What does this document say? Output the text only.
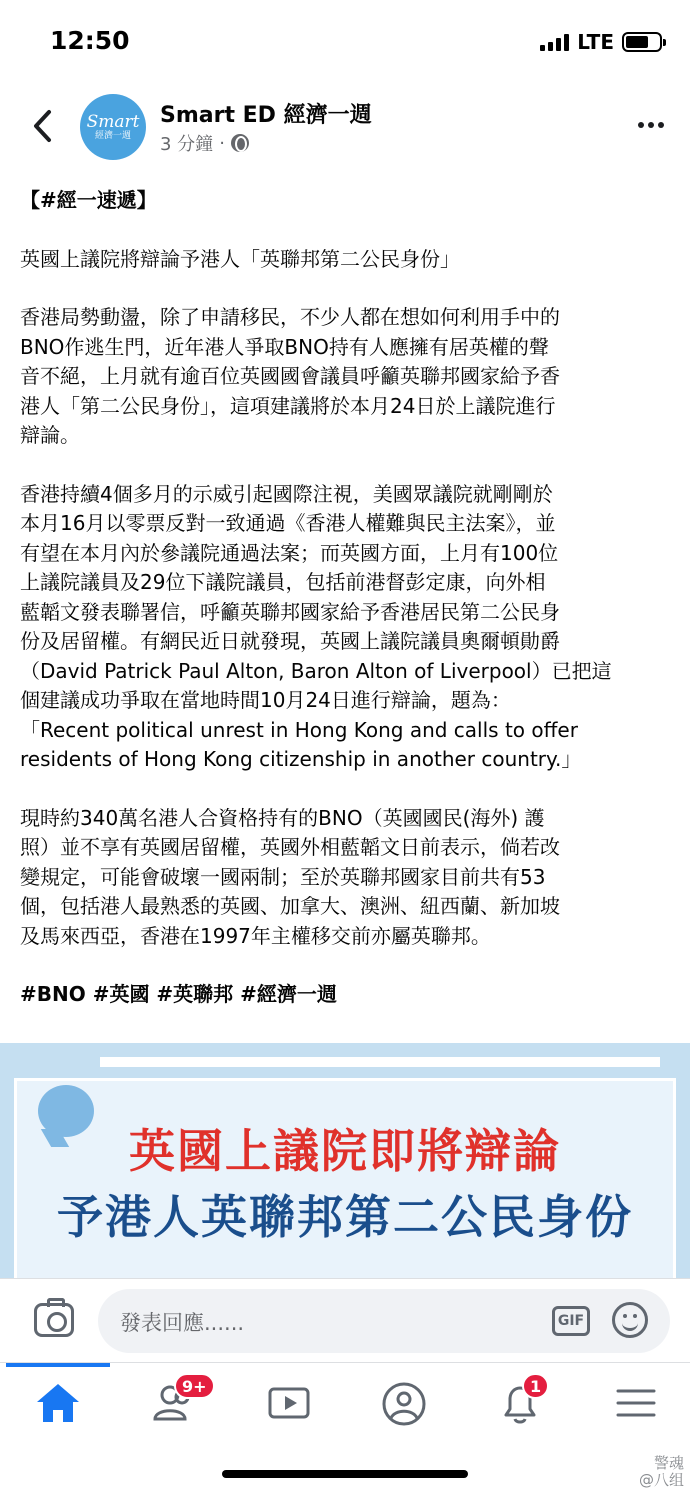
12:50	LTE
Smart
經濟一週
Smart ED 經濟一週
3 分鐘 ·

【#經一速遞】

英國上議院將辯論予港人「英聯邦第二公民身份」

香港局勢動盪，除了申請移民，不少人都在想如何利用手中的
BNO作逃生門，近年港人爭取BNO持有人應擁有居英權的聲
音不絕，上月就有逾百位英國國會議員呼籲英聯邦國家給予香
港人「第二公民身份」，這項建議將於本月24日於上議院進行
辯論。

香港持續4個多月的示威引起國際注視，美國眾議院就剛剛於
本月16月以零票反對一致通過《香港人權難與民主法案》，並
有望在本月內於參議院通過法案；而英國方面，上月有100位
上議院議員及29位下議院議員，包括前港督彭定康，向外相
藍韜文發表聯署信，呼籲英聯邦國家給予香港居民第二公民身
份及居留權。有網民近日就發現，英國上議院議員奧爾頓勛爵
（David Patrick Paul Alton, Baron Alton of Liverpool）已把這
個建議成功爭取在當地時間10月24日進行辯論，題為：
「Recent political unrest in Hong Kong and calls to offer
residents of Hong Kong citizenship in another country.」

現時約340萬名港人合資格持有的BNO（英國國民(海外) 護
照）並不享有英國居留權，英國外相藍韜文日前表示，倘若改
變規定，可能會破壞一國兩制；至於英聯邦國家目前共有53
個，包括港人最熟悉的英國、加拿大、澳洲、紐西蘭、新加坡
及馬來西亞，香港在1997年主權移交前亦屬英聯邦。

#BNO #英國 #英聯邦 #經濟一週

英國上議院即將辯論
予港人英聯邦第二公民身份
發表回應......	GIF
9+	1
警魂
@八组
